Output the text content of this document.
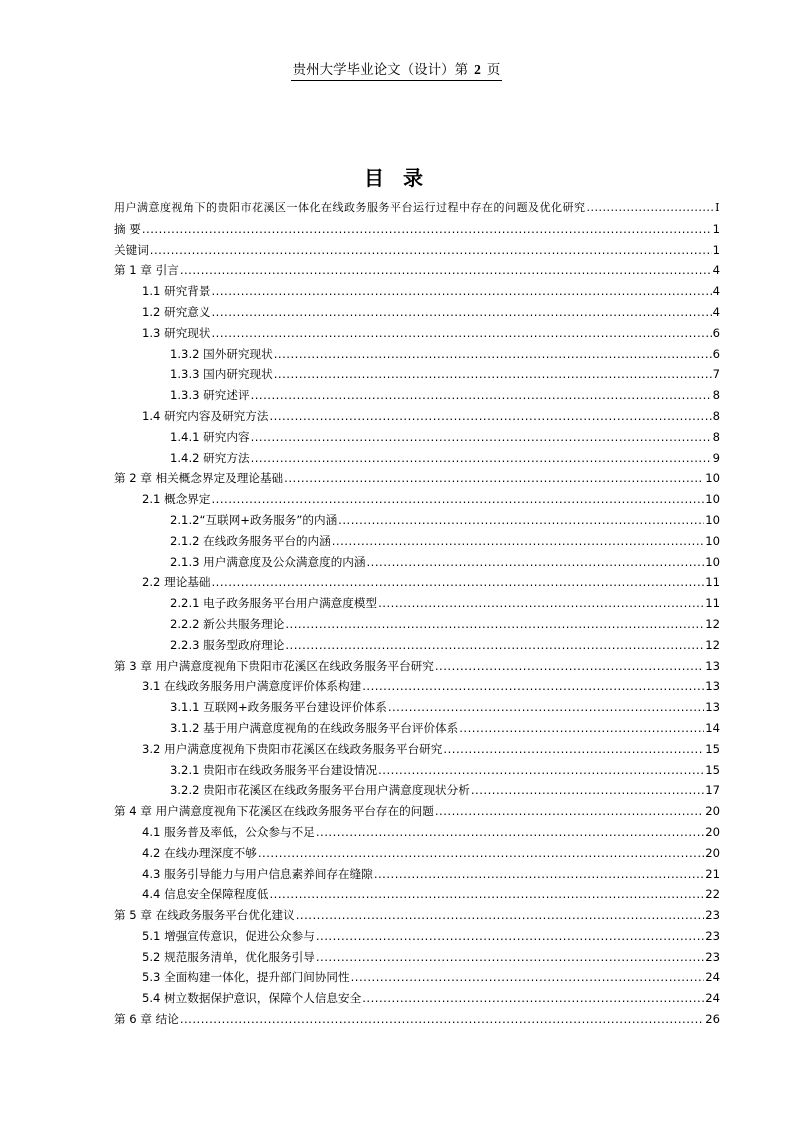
贵州大学毕业论文（设计）第 2 页
目 录
用户满意度视角下的贵阳市花溪区一体化在线政务服务平台运行过程中存在的问题及优化研究 .....	I
摘 要 .....	1
关键词 .....	1
第 1 章 引言 .....	4
1.1 研究背景 .....	4
1.2 研究意义 .....	4
1.3 研究现状 .....	6
1.3.2 国外研究现状 .....	6
1.3.3 国内研究现状 .....	7
1.3.3 研究述评 .....	8
1.4 研究内容及研究方法 .....	8
1.4.1 研究内容 .....	8
1.4.2 研究方法 .....	9
第 2 章 相关概念界定及理论基础 .....	10
2.1 概念界定 .....	10
2.1.2“互联网+政务服务”的内涵 .....	10
2.1.2 在线政务服务平台的内涵 .....	10
2.1.3 用户满意度及公众满意度的内涵 .....	10
2.2 理论基础 .....	11
2.2.1 电子政务服务平台用户满意度模型 .....	11
2.2.2 新公共服务理论 .....	12
2.2.3 服务型政府理论 .....	12
第 3 章 用户满意度视角下贵阳市花溪区在线政务服务平台研究 .....	13
3.1 在线政务服务用户满意度评价体系构建 .....	13
3.1.1 互联网+政务服务平台建设评价体系 .....	13
3.1.2 基于用户满意度视角的在线政务服务平台评价体系 .....	14
3.2 用户满意度视角下贵阳市花溪区在线政务服务平台研究 .....	15
3.2.1 贵阳市在线政务服务平台建设情况 .....	15
3.2.2 贵阳市花溪区在线政务服务平台用户满意度现状分析 .....	17
第 4 章 用户满意度视角下花溪区在线政务服务平台存在的问题 .....	20
4.1 服务普及率低，公众参与不足 .....	20
4.2 在线办理深度不够 .....	20
4.3 服务引导能力与用户信息素养间存在缝隙 .....	21
4.4 信息安全保障程度低 .....	22
第 5 章 在线政务服务平台优化建议 .....	23
5.1 增强宣传意识，促进公众参与 .....	23
5.2 规范服务清单，优化服务引导 .....	23
5.3 全面构建一体化，提升部门间协同性 .....	24
5.4 树立数据保护意识，保障个人信息安全 .....	24
第 6 章 结论 .....	26
